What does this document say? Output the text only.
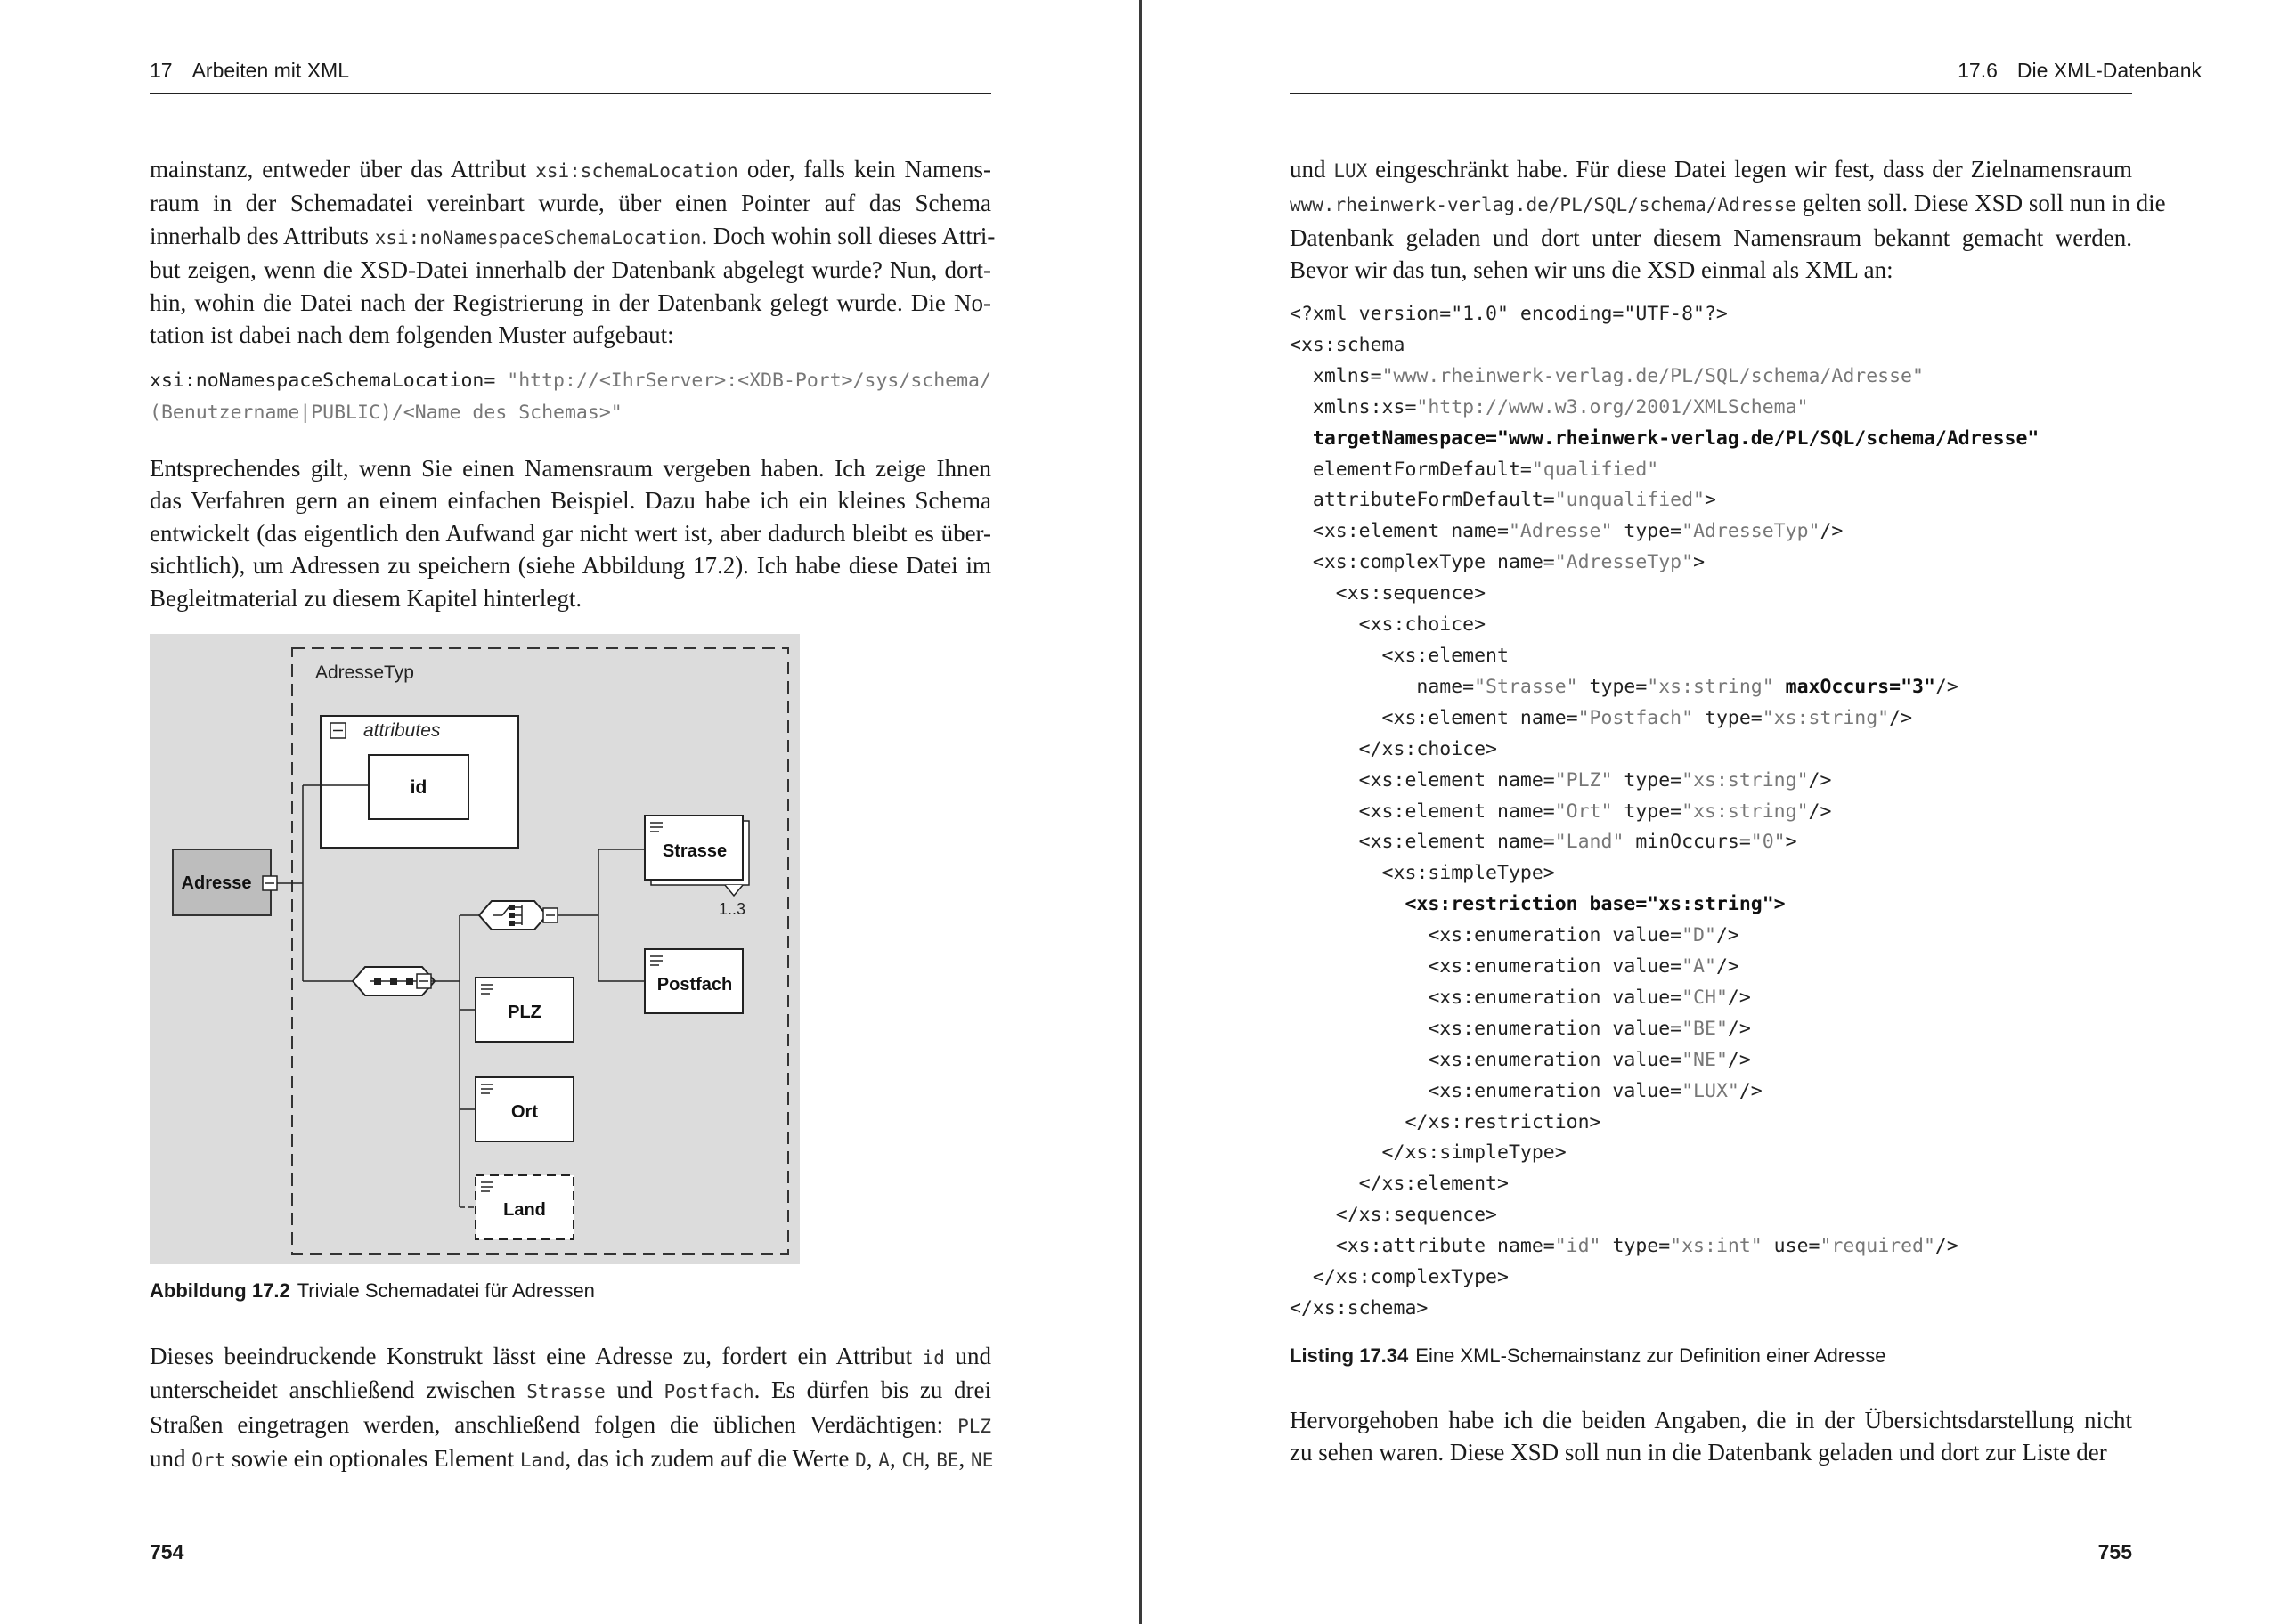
17 Arbeiten mit XML
mainstanz, entweder über das Attribut xsi:schemaLocation oder, falls kein Namens-
raum in der Schemadatei vereinbart wurde, über einen Pointer auf das Schema
innerhalb des Attributs xsi:noNamespaceSchemaLocation. Doch wohin soll dieses Attri-
but zeigen, wenn die XSD-Datei innerhalb der Datenbank abgelegt wurde? Nun, dort-
hin, wohin die Datei nach der Registrierung in der Datenbank gelegt wurde. Die No-
tation ist dabei nach dem folgenden Muster aufgebaut:
xsi:noNamespaceSchemaLocation= "http://<IhrServer>:<XDB-Port>/sys/schema/
(Benutzername|PUBLIC)/<Name des Schemas>"
Entsprechendes gilt, wenn Sie einen Namensraum vergeben haben. Ich zeige Ihnen
das Verfahren gern an einem einfachen Beispiel. Dazu habe ich ein kleines Schema
entwickelt (das eigentlich den Aufwand gar nicht wert ist, aber dadurch bleibt es über-
sichtlich), um Adressen zu speichern (siehe Abbildung 17.2). Ich habe diese Datei im
Begleitmaterial zu diesem Kapitel hinterlegt.
AdresseTyp
attributes
id
Adresse
Strasse
1..3
Postfach
PLZ
Ort
Land
Abbildung 17.2 Triviale Schemadatei für Adressen
Dieses beeindruckende Konstrukt lässt eine Adresse zu, fordert ein Attribut id und
unterscheidet anschließend zwischen Strasse und Postfach. Es dürfen bis zu drei
Straßen eingetragen werden, anschließend folgen die üblichen Verdächtigen: PLZ
und Ort sowie ein optionales Element Land, das ich zudem auf die Werte D, A, CH, BE, NE
754
17.6 Die XML-Datenbank
und LUX eingeschränkt habe. Für diese Datei legen wir fest, dass der Zielnamensraum
www.rheinwerk-verlag.de/PL/SQL/schema/Adresse gelten soll. Diese XSD soll nun in die
Datenbank geladen und dort unter diesem Namensraum bekannt gemacht werden.
Bevor wir das tun, sehen wir uns die XSD einmal als XML an:
<?xml version="1.0" encoding="UTF-8"?>
<xs:schema
xmlns="www.rheinwerk-verlag.de/PL/SQL/schema/Adresse"
xmlns:xs="http://www.w3.org/2001/XMLSchema"
targetNamespace="www.rheinwerk-verlag.de/PL/SQL/schema/Adresse"
elementFormDefault="qualified"
attributeFormDefault="unqualified">
<xs:element name="Adresse" type="AdresseTyp"/>
<xs:complexType name="AdresseTyp">
<xs:sequence>
<xs:choice>
<xs:element
name="Strasse" type="xs:string" maxOccurs="3"/>
<xs:element name="Postfach" type="xs:string"/>
</xs:choice>
<xs:element name="PLZ" type="xs:string"/>
<xs:element name="Ort" type="xs:string"/>
<xs:element name="Land" minOccurs="0">
<xs:simpleType>
<xs:restriction base="xs:string">
<xs:enumeration value="D"/>
<xs:enumeration value="A"/>
<xs:enumeration value="CH"/>
<xs:enumeration value="BE"/>
<xs:enumeration value="NE"/>
<xs:enumeration value="LUX"/>
</xs:restriction>
</xs:simpleType>
</xs:element>
</xs:sequence>
<xs:attribute name="id" type="xs:int" use="required"/>
</xs:complexType>
</xs:schema>
Listing 17.34 Eine XML-Schemainstanz zur Definition einer Adresse
Hervorgehoben habe ich die beiden Angaben, die in der Übersichtsdarstellung nicht
zu sehen waren. Diese XSD soll nun in die Datenbank geladen und dort zur Liste der
755
